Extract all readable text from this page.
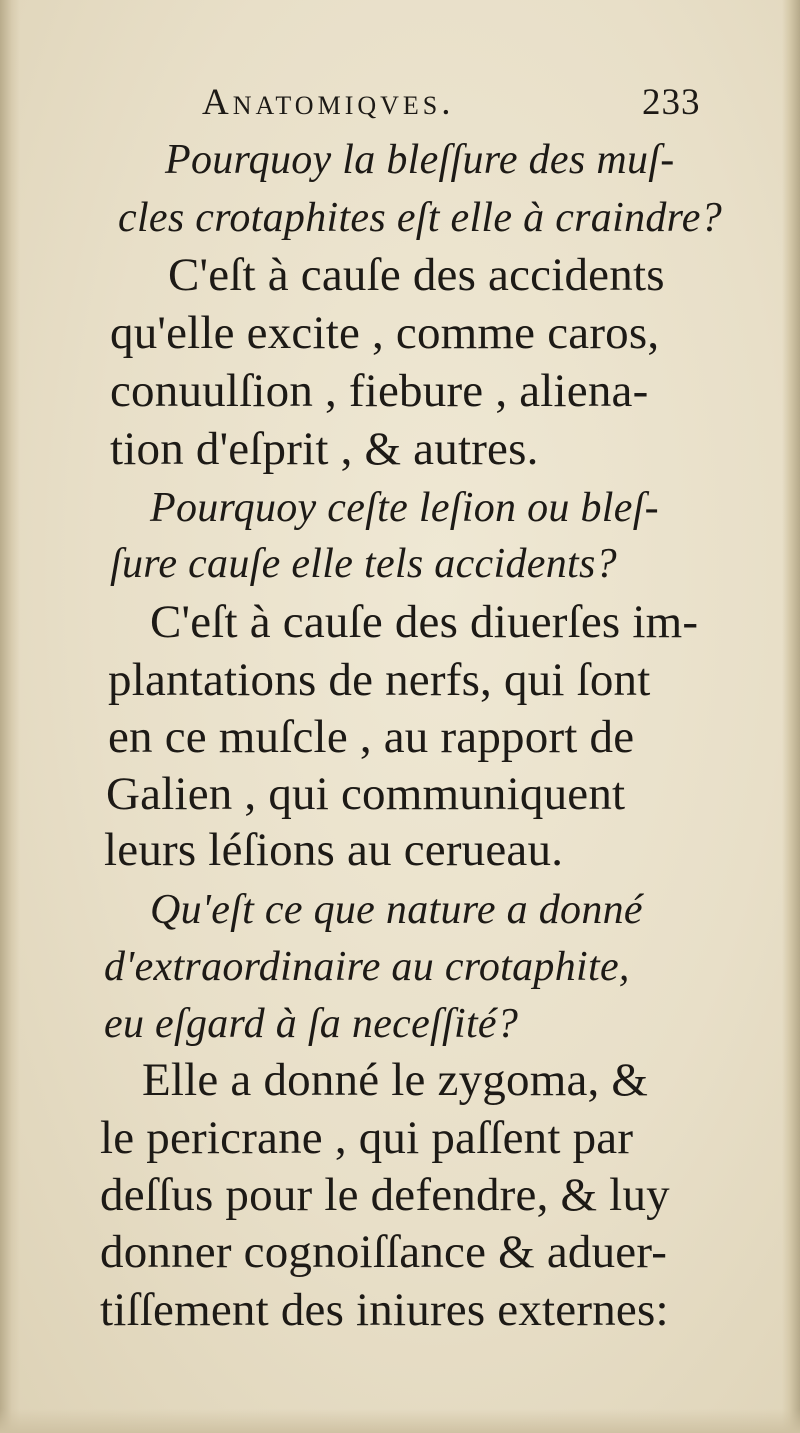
Anatomiqves.	233
Pourquoy la bleſſure des muſ-
cles crotaphites eſt elle à craindre?
C'eſt à cauſe des accidents
qu'elle excite , comme caros,
conuulſion , fiebure , aliena-
tion d'eſprit , & autres.
Pourquoy ceſte leſion ou bleſ-
ſure cauſe elle tels accidents?
C'eſt à cauſe des diuerſes im-
plantations de nerfs, qui ſont
en ce muſcle , au rapport de
Galien , qui communiquent
leurs léſions au cerueau.
Qu'eſt ce que nature a donné
d'extraordinaire au crotaphite,
eu eſgard à ſa neceſſité?
Elle a donné le zygoma, &
le pericrane , qui paſſent par
deſſus pour le defendre, & luy
donner cognoiſſance & aduer-
tiſſement des iniures externes:
